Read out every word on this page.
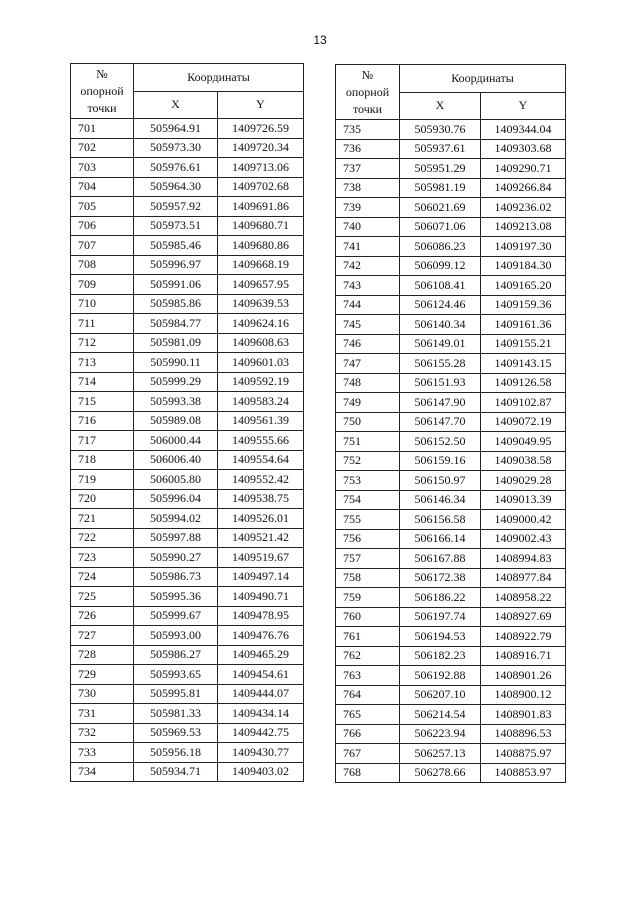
13
№
опорной
точки	Координаты	
	X	Y
701	505964.91	1409726.59
702	505973.30	1409720.34
703	505976.61	1409713.06
704	505964.30	1409702.68
705	505957.92	1409691.86
706	505973.51	1409680.71
707	505985.46	1409680.86
708	505996.97	1409668.19
709	505991.06	1409657.95
710	505985.86	1409639.53
711	505984.77	1409624.16
712	505981.09	1409608.63
713	505990.11	1409601.03
714	505999.29	1409592.19
715	505993.38	1409583.24
716	505989.08	1409561.39
717	506000.44	1409555.66
718	506006.40	1409554.64
719	506005.80	1409552.42
720	505996.04	1409538.75
721	505994.02	1409526.01
722	505997.88	1409521.42
723	505990.27	1409519.67
724	505986.73	1409497.14
725	505995.36	1409490.71
726	505999.67	1409478.95
727	505993.00	1409476.76
728	505986.27	1409465.29
729	505993.65	1409454.61
730	505995.81	1409444.07
731	505981.33	1409434.14
732	505969.53	1409442.75
733	505956.18	1409430.77
734	505934.71	1409403.02
№
опорной
точки	Координаты	
	X	Y
735	505930.76	1409344.04
736	505937.61	1409303.68
737	505951.29	1409290.71
738	505981.19	1409266.84
739	506021.69	1409236.02
740	506071.06	1409213.08
741	506086.23	1409197.30
742	506099.12	1409184.30
743	506108.41	1409165.20
744	506124.46	1409159.36
745	506140.34	1409161.36
746	506149.01	1409155.21
747	506155.28	1409143.15
748	506151.93	1409126.58
749	506147.90	1409102.87
750	506147.70	1409072.19
751	506152.50	1409049.95
752	506159.16	1409038.58
753	506150.97	1409029.28
754	506146.34	1409013.39
755	506156.58	1409000.42
756	506166.14	1409002.43
757	506167.88	1408994.83
758	506172.38	1408977.84
759	506186.22	1408958.22
760	506197.74	1408927.69
761	506194.53	1408922.79
762	506182.23	1408916.71
763	506192.88	1408901.26
764	506207.10	1408900.12
765	506214.54	1408901.83
766	506223.94	1408896.53
767	506257.13	1408875.97
768	506278.66	1408853.97
